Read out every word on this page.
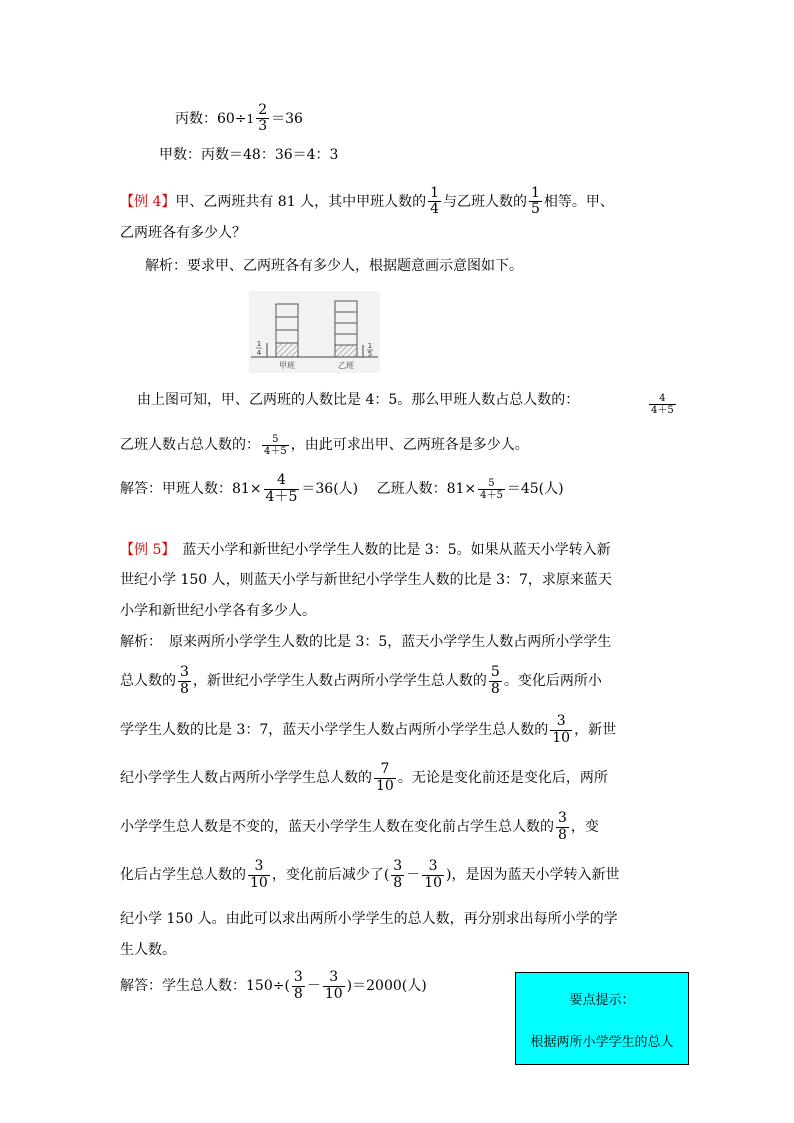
丙数：$60\div 1 \frac{2}{3} =36$
甲数：丙数＝48：36＝4：3
【例 4】甲、乙两班共有 81 人，其中甲班人数的 $\frac{1}{4}$ 与乙班人数的 $\frac{1}{5}$ 相等。甲、
乙两班各有多少人？
解析：要求甲、乙两班各有多少人，根据题意画示意图如下。
1
4
1
5
甲班	乙班
由上图可知，甲、乙两班的人数比是 4：5。那么甲班人数占总人数的：	$\frac{4}{4+5}$
乙班人数占总人数的： $\frac{5}{4+5}$ ，由此可求出甲、乙两班各是多少人。
解答：甲班人数：$81\times \frac{4}{4+5} =36$(人)　 乙班人数：$81\times \frac{5}{4+5} =45$(人)
【例 5】　蓝天小学和新世纪小学学生人数的比是 3：5。如果从蓝天小学转入新
世纪小学 150 人，则蓝天小学与新世纪小学学生人数的比是 3：7，求原来蓝天
小学和新世纪小学各有多少人。
解析：　原来两所小学学生人数的比是 3：5，蓝天小学学生人数占两所小学学生
总人数的 $\frac{3}{8}$ ，新世纪小学学生人数占两所小学学生总人数的 $\frac{5}{8}$ 。变化后两所小
学学生人数的比是 3：7，蓝天小学学生人数占两所小学学生总人数的 $\frac{3}{10}$ ，新世
纪小学学生人数占两所小学学生总人数的 $\frac{7}{10}$ 。无论是变化前还是变化后，两所
小学学生总人数是不变的，蓝天小学学生人数在变化前占学生总人数的 $\frac{3}{8}$ ，变
化后占学生总人数的 $\frac{3}{10}$ ，变化前后减少了( $\frac{3}{8} - \frac{3}{10}$ )，是因为蓝天小学转入新世
纪小学 150 人。由此可以求出两所小学学生的总人数，再分别求出每所小学的学
生人数。
解答：学生总人数：$150\div( \frac{3}{8} - \frac{3}{10} )=2000$(人)
要点提示：
根据两所小学学生的总人
